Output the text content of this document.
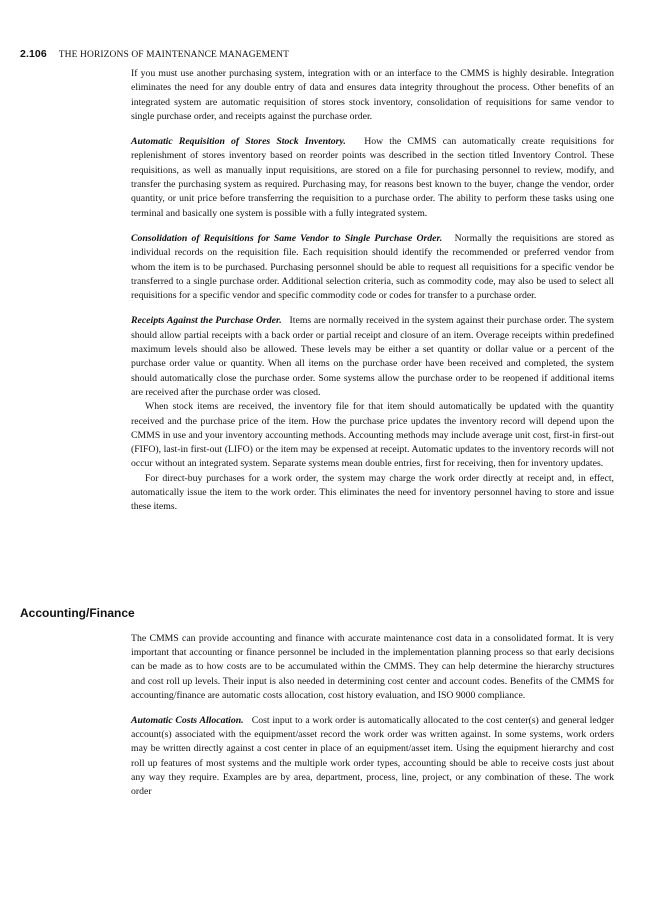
2.106 THE HORIZONS OF MAINTENANCE MANAGEMENT

If you must use another purchasing system, integration with or an interface to the CMMS is highly desirable. Integration eliminates the need for any double entry of data and ensures data integrity throughout the process. Other benefits of an integrated system are automatic requisition of stores stock inventory, consolidation of requisitions for same vendor to single purchase order, and receipts against the purchase order.

Automatic Requisition of Stores Stock Inventory. How the CMMS can automatically create requisitions for replenishment of stores inventory based on reorder points was described in the section titled Inventory Control. These requisitions, as well as manually input requisitions, are stored on a file for purchasing personnel to review, modify, and transfer the purchasing system as required. Purchasing may, for reasons best known to the buyer, change the vendor, order quantity, or unit price before transferring the requisition to a purchase order. The ability to perform these tasks using one terminal and basically one system is possible with a fully integrated system.

Consolidation of Requisitions for Same Vendor to Single Purchase Order. Normally the requisitions are stored as individual records on the requisition file. Each requisition should identify the recommended or preferred vendor from whom the item is to be purchased. Purchasing personnel should be able to request all requisitions for a specific vendor be transferred to a single purchase order. Additional selection criteria, such as commodity code, may also be used to select all requisitions for a specific vendor and specific commodity code or codes for transfer to a purchase order.

Receipts Against the Purchase Order. Items are normally received in the system against their purchase order. The system should allow partial receipts with a back order or partial receipt and closure of an item. Overage receipts within predefined maximum levels should also be allowed. These levels may be either a set quantity or dollar value or a percent of the purchase order value or quantity. When all items on the purchase order have been received and completed, the system should automatically close the purchase order. Some systems allow the purchase order to be reopened if additional items are received after the purchase order was closed.

When stock items are received, the inventory file for that item should automatically be updated with the quantity received and the purchase price of the item. How the purchase price updates the inventory record will depend upon the CMMS in use and your inventory accounting methods. Accounting methods may include average unit cost, first-in first-out (FIFO), last-in first-out (LIFO) or the item may be expensed at receipt. Automatic updates to the inventory records will not occur without an integrated system. Separate systems mean double entries, first for receiving, then for inventory updates.

For direct-buy purchases for a work order, the system may charge the work order directly at receipt and, in effect, automatically issue the item to the work order. This eliminates the need for inventory personnel having to store and issue these items.

Accounting/Finance

The CMMS can provide accounting and finance with accurate maintenance cost data in a consolidated format. It is very important that accounting or finance personnel be included in the implementation planning process so that early decisions can be made as to how costs are to be accumulated within the CMMS. They can help determine the hierarchy structures and cost roll up levels. Their input is also needed in determining cost center and account codes. Benefits of the CMMS for accounting/finance are automatic costs allocation, cost history evaluation, and ISO 9000 compliance.

Automatic Costs Allocation. Cost input to a work order is automatically allocated to the cost center(s) and general ledger account(s) associated with the equipment/asset record the work order was written against. In some systems, work orders may be written directly against a cost center in place of an equipment/asset item. Using the equipment hierarchy and cost roll up features of most systems and the multiple work order types, accounting should be able to receive costs just about any way they require. Examples are by area, department, process, line, project, or any combination of these. The work order
